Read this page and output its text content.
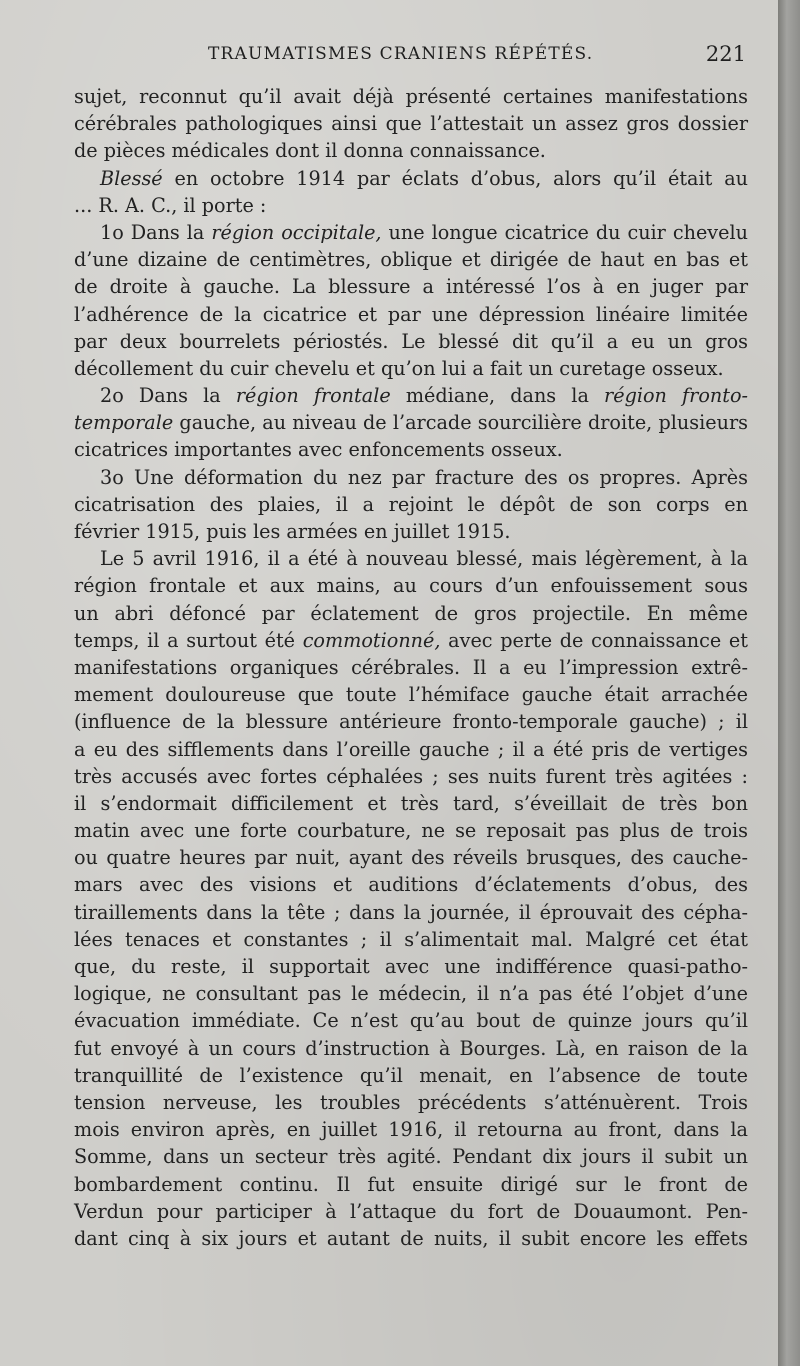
TRAUMATISMES CRANIENS RÉPÉTÉS.	221
sujet, reconnut qu’il avait déjà présenté certaines manifestations
cérébrales pathologiques ainsi que l’attestait un assez gros dossier
de pièces médicales dont il donna connaissance.
Blessé en octobre 1914 par éclats d’obus, alors qu’il était au
... R. A. C., il porte :
1o Dans la région occipitale, une longue cicatrice du cuir chevelu
d’une dizaine de centimètres, oblique et dirigée de haut en bas et
de droite à gauche. La blessure a intéressé l’os à en juger par
l’adhérence de la cicatrice et par une dépression linéaire limitée
par deux bourrelets périostés. Le blessé dit qu’il a eu un gros
décollement du cuir chevelu et qu’on lui a fait un curetage osseux.
2o Dans la région frontale médiane, dans la région fronto-
temporale gauche, au niveau de l’arcade sourcilière droite, plusieurs
cicatrices importantes avec enfoncements osseux.
3o Une déformation du nez par fracture des os propres. Après
cicatrisation des plaies, il a rejoint le dépôt de son corps en
février 1915, puis les armées en juillet 1915.
Le 5 avril 1916, il a été à nouveau blessé, mais légèrement, à la
région frontale et aux mains, au cours d’un enfouissement sous
un abri défoncé par éclatement de gros projectile. En même
temps, il a surtout été commotionné, avec perte de connaissance et
manifestations organiques cérébrales. Il a eu l’impression extrê-
mement douloureuse que toute l’hémiface gauche était arrachée
(influence de la blessure antérieure fronto-temporale gauche) ; il
a eu des sifflements dans l’oreille gauche ; il a été pris de vertiges
très accusés avec fortes céphalées ; ses nuits furent très agitées :
il s’endormait difficilement et très tard, s’éveillait de très bon
matin avec une forte courbature, ne se reposait pas plus de trois
ou quatre heures par nuit, ayant des réveils brusques, des cauche-
mars avec des visions et auditions d’éclatements d’obus, des
tiraillements dans la tête ; dans la journée, il éprouvait des cépha-
lées tenaces et constantes ; il s’alimentait mal. Malgré cet état
que, du reste, il supportait avec une indifférence quasi-patho-
logique, ne consultant pas le médecin, il n’a pas été l’objet d’une
évacuation immédiate. Ce n’est qu’au bout de quinze jours qu’il
fut envoyé à un cours d’instruction à Bourges. Là, en raison de la
tranquillité de l’existence qu’il menait, en l’absence de toute
tension nerveuse, les troubles précédents s’atténuèrent. Trois
mois environ après, en juillet 1916, il retourna au front, dans la
Somme, dans un secteur très agité. Pendant dix jours il subit un
bombardement continu. Il fut ensuite dirigé sur le front de
Verdun pour participer à l’attaque du fort de Douaumont. Pen-
dant cinq à six jours et autant de nuits, il subit encore les effets
